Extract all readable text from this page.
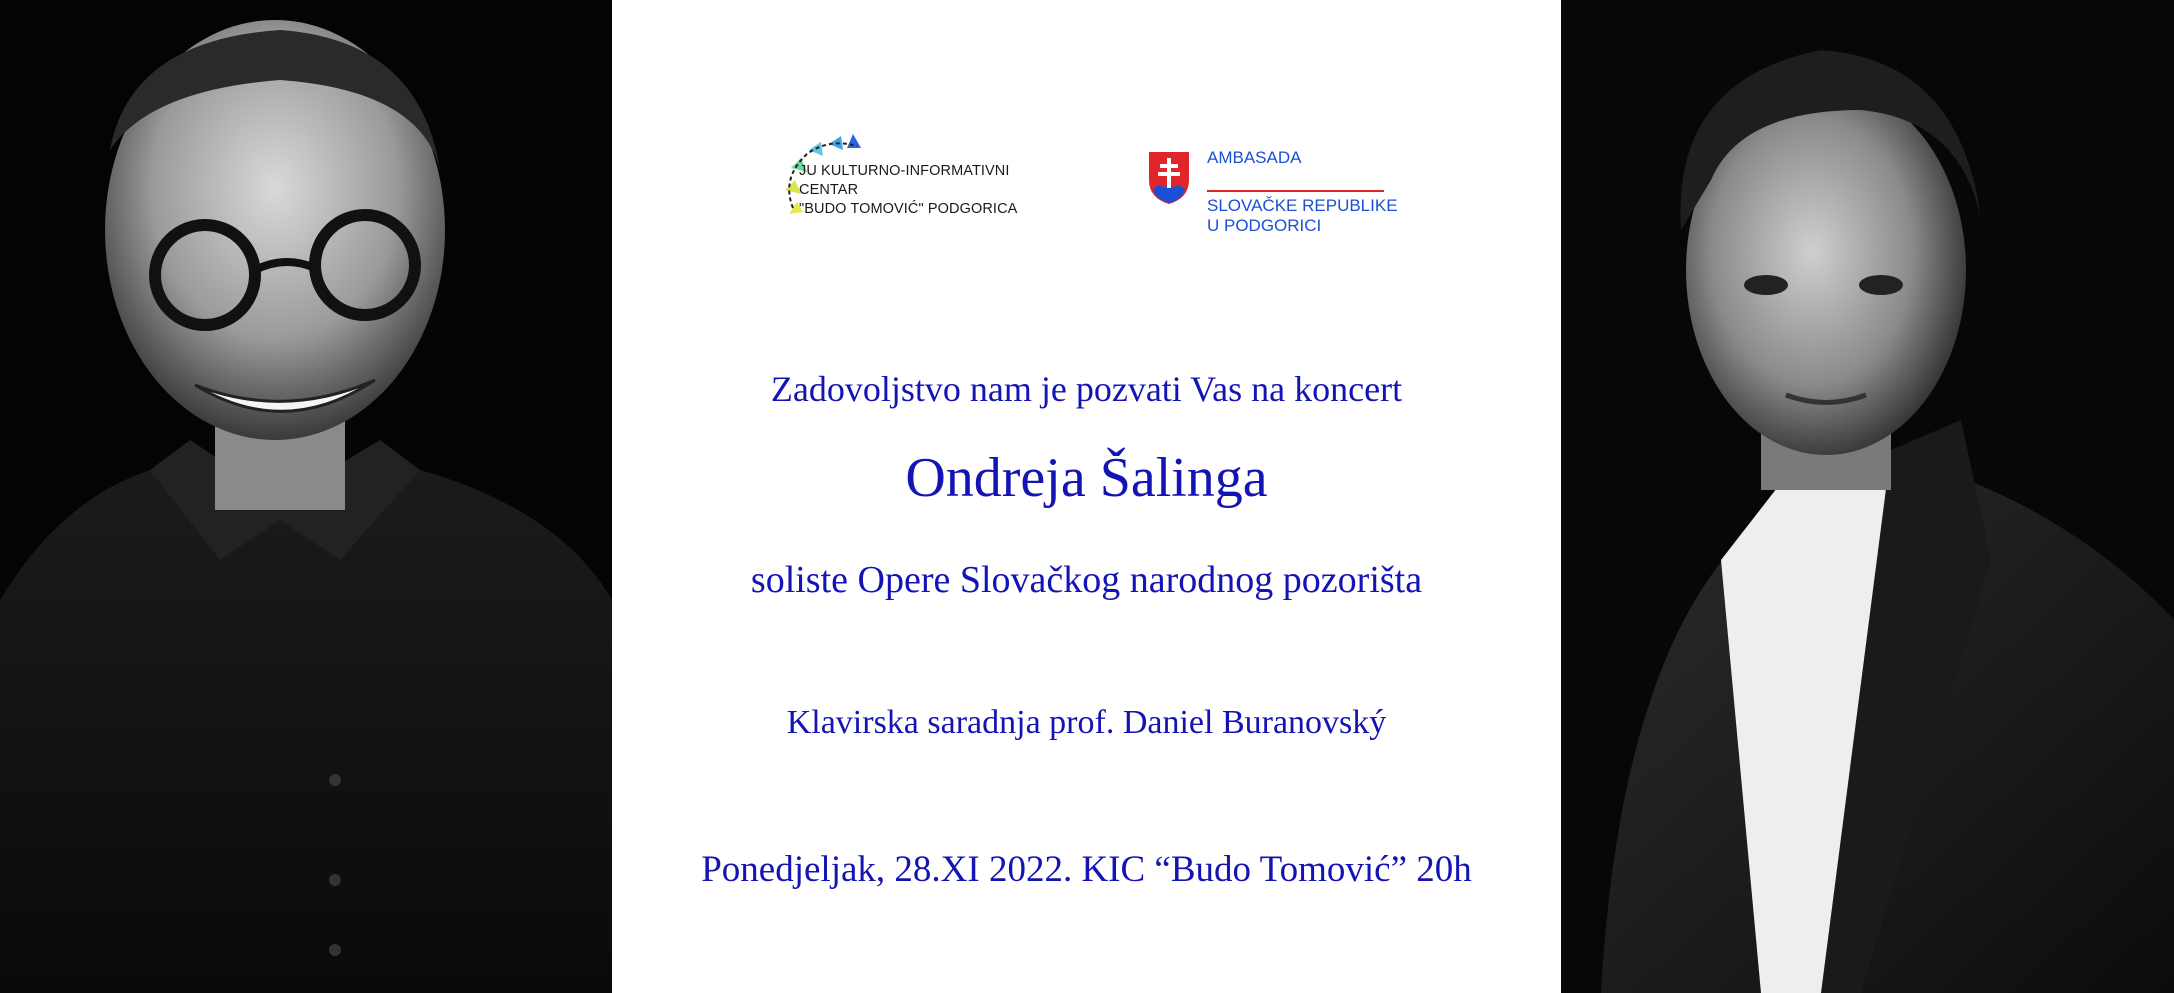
JU KULTURNO-INFORMATIVNI CENTAR
"BUDO TOMOVIĆ" PODGORICA
AMBASADA
SLOVAČKE REPUBLIKE
U PODGORICI
Zadovoljstvo nam je pozvati Vas na koncert
Ondreja Šalinga
soliste Opere Slovačkog narodnog pozorišta
Klavirska saradnja prof. Daniel Buranovský
Ponedjeljak, 28.XI 2022. KIC “Budo Tomović” 20h
